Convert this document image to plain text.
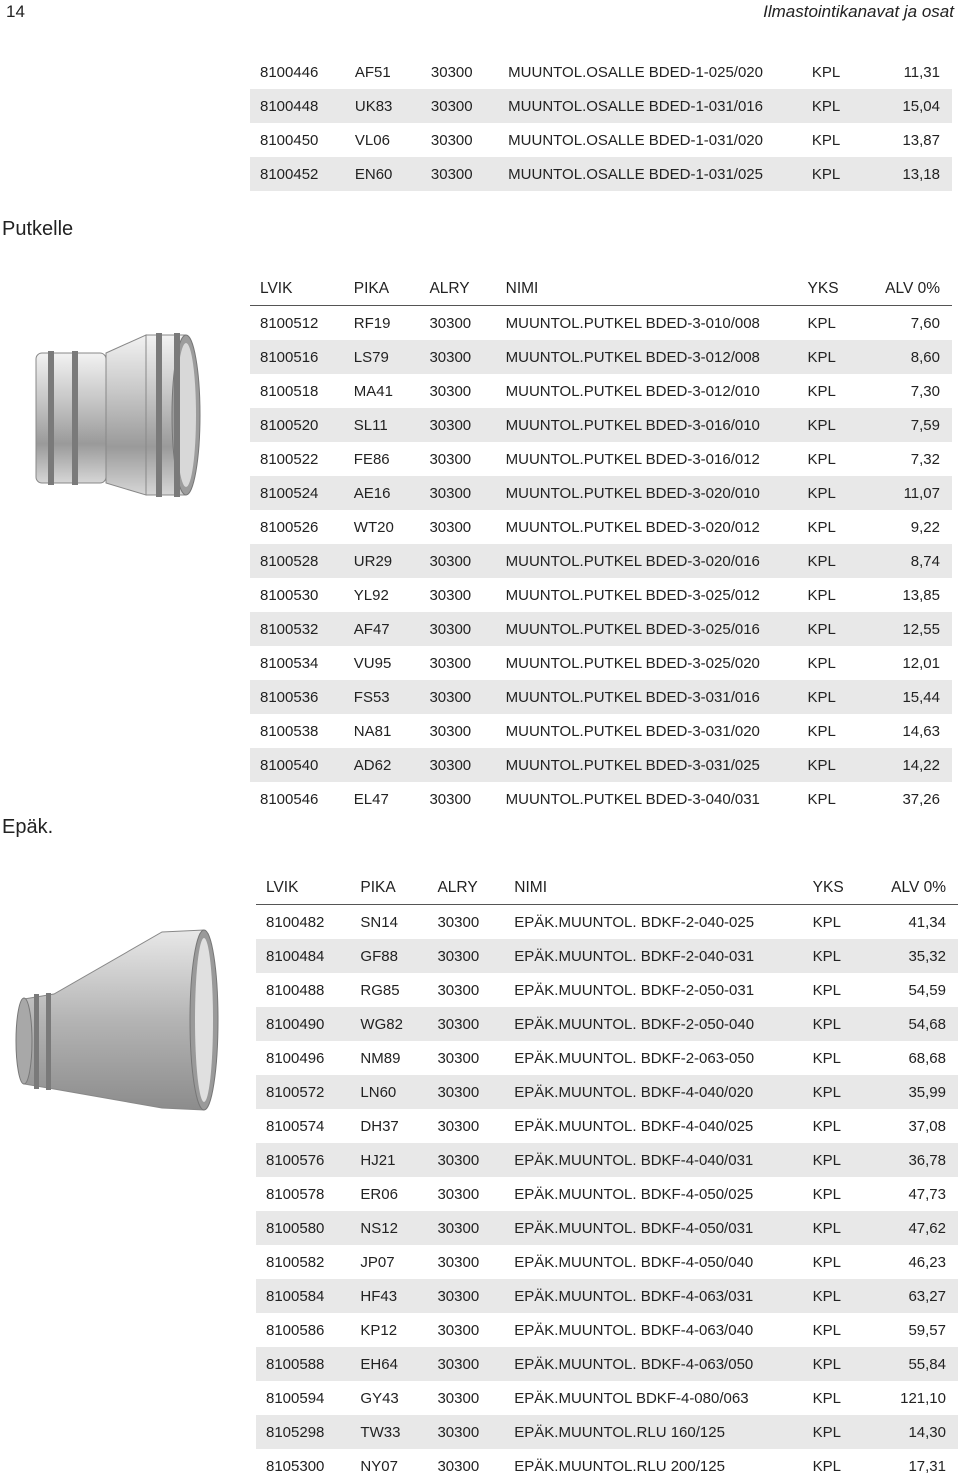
14	Ilmastointikanavat ja osat
8100446	AF51	30300	MUUNTOL.OSALLE BDED-1-025/020	KPL	11,31
8100448	UK83	30300	MUUNTOL.OSALLE BDED-1-031/016	KPL	15,04
8100450	VL06	30300	MUUNTOL.OSALLE BDED-1-031/020	KPL	13,87
8100452	EN60	30300	MUUNTOL.OSALLE BDED-1-031/025	KPL	13,18
Putkelle
LVIK	PIKA	ALRY	NIMI	YKS	ALV 0%
8100512	RF19	30300	MUUNTOL.PUTKEL BDED-3-010/008	KPL	7,60
8100516	LS79	30300	MUUNTOL.PUTKEL BDED-3-012/008	KPL	8,60
8100518	MA41	30300	MUUNTOL.PUTKEL BDED-3-012/010	KPL	7,30
8100520	SL11	30300	MUUNTOL.PUTKEL BDED-3-016/010	KPL	7,59
8100522	FE86	30300	MUUNTOL.PUTKEL BDED-3-016/012	KPL	7,32
8100524	AE16	30300	MUUNTOL.PUTKEL BDED-3-020/010	KPL	11,07
8100526	WT20	30300	MUUNTOL.PUTKEL BDED-3-020/012	KPL	9,22
8100528	UR29	30300	MUUNTOL.PUTKEL BDED-3-020/016	KPL	8,74
8100530	YL92	30300	MUUNTOL.PUTKEL BDED-3-025/012	KPL	13,85
8100532	AF47	30300	MUUNTOL.PUTKEL BDED-3-025/016	KPL	12,55
8100534	VU95	30300	MUUNTOL.PUTKEL BDED-3-025/020	KPL	12,01
8100536	FS53	30300	MUUNTOL.PUTKEL BDED-3-031/016	KPL	15,44
8100538	NA81	30300	MUUNTOL.PUTKEL BDED-3-031/020	KPL	14,63
8100540	AD62	30300	MUUNTOL.PUTKEL BDED-3-031/025	KPL	14,22
8100546	EL47	30300	MUUNTOL.PUTKEL BDED-3-040/031	KPL	37,26
Epäk.
LVIK	PIKA	ALRY	NIMI	YKS	ALV 0%
8100482	SN14	30300	EPÄK.MUUNTOL. BDKF-2-040-025	KPL	41,34
8100484	GF88	30300	EPÄK.MUUNTOL. BDKF-2-040-031	KPL	35,32
8100488	RG85	30300	EPÄK.MUUNTOL. BDKF-2-050-031	KPL	54,59
8100490	WG82	30300	EPÄK.MUUNTOL. BDKF-2-050-040	KPL	54,68
8100496	NM89	30300	EPÄK.MUUNTOL. BDKF-2-063-050	KPL	68,68
8100572	LN60	30300	EPÄK.MUUNTOL. BDKF-4-040/020	KPL	35,99
8100574	DH37	30300	EPÄK.MUUNTOL. BDKF-4-040/025	KPL	37,08
8100576	HJ21	30300	EPÄK.MUUNTOL. BDKF-4-040/031	KPL	36,78
8100578	ER06	30300	EPÄK.MUUNTOL. BDKF-4-050/025	KPL	47,73
8100580	NS12	30300	EPÄK.MUUNTOL. BDKF-4-050/031	KPL	47,62
8100582	JP07	30300	EPÄK.MUUNTOL. BDKF-4-050/040	KPL	46,23
8100584	HF43	30300	EPÄK.MUUNTOL. BDKF-4-063/031	KPL	63,27
8100586	KP12	30300	EPÄK.MUUNTOL. BDKF-4-063/040	KPL	59,57
8100588	EH64	30300	EPÄK.MUUNTOL. BDKF-4-063/050	KPL	55,84
8100594	GY43	30300	EPÄK.MUUNTOL BDKF-4-080/063	KPL	121,10
8105298	TW33	30300	EPÄK.MUUNTOL.RLU 160/125	KPL	14,30
8105300	NY07	30300	EPÄK.MUUNTOL.RLU 200/125	KPL	17,31
